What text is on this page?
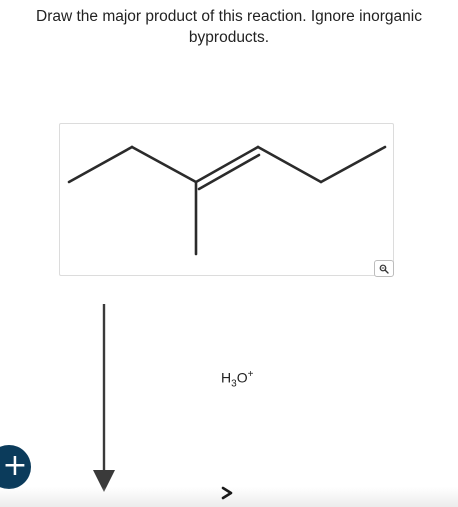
Draw the major product of this reaction. Ignore inorganic
byproducts.
$H_3O^+$
+
